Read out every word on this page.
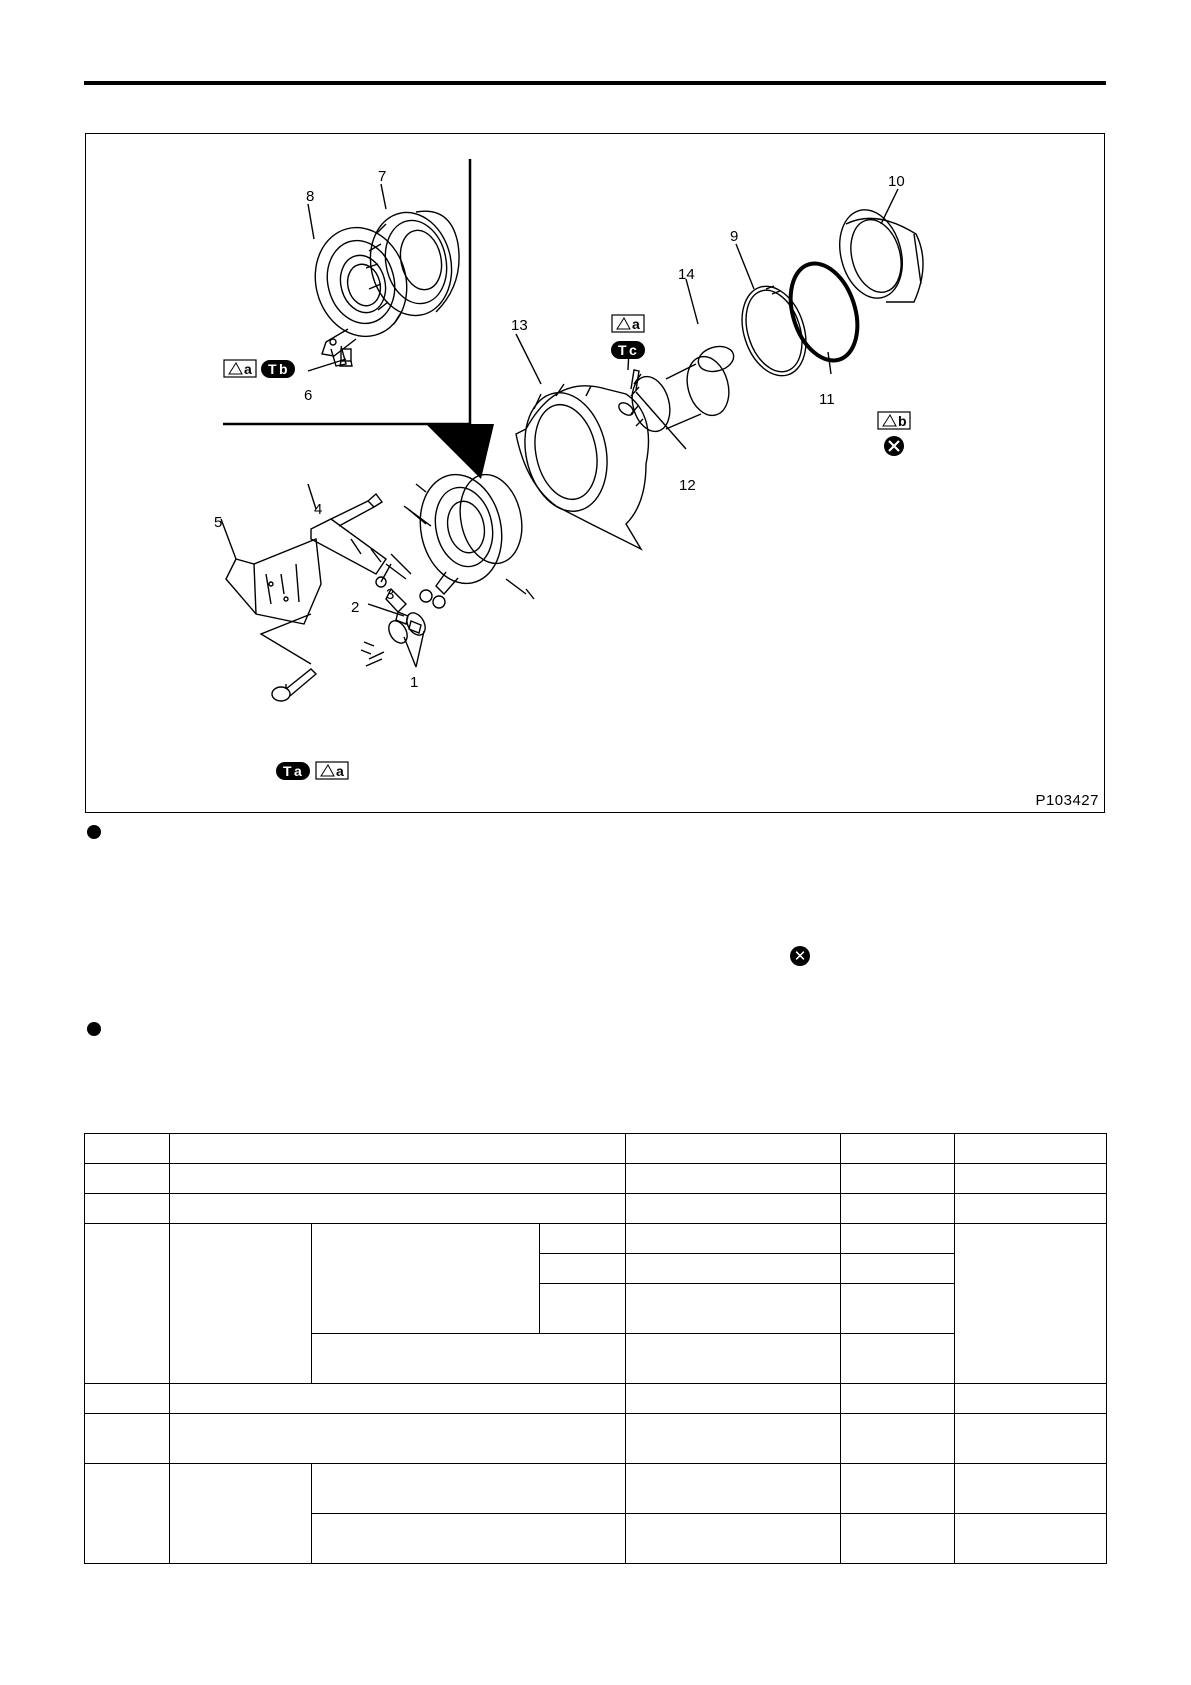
1
2
3
4
5
6
7
8
9
10
11
12
13
14
a T b
a
T c
b
T a a
P103427
✕
